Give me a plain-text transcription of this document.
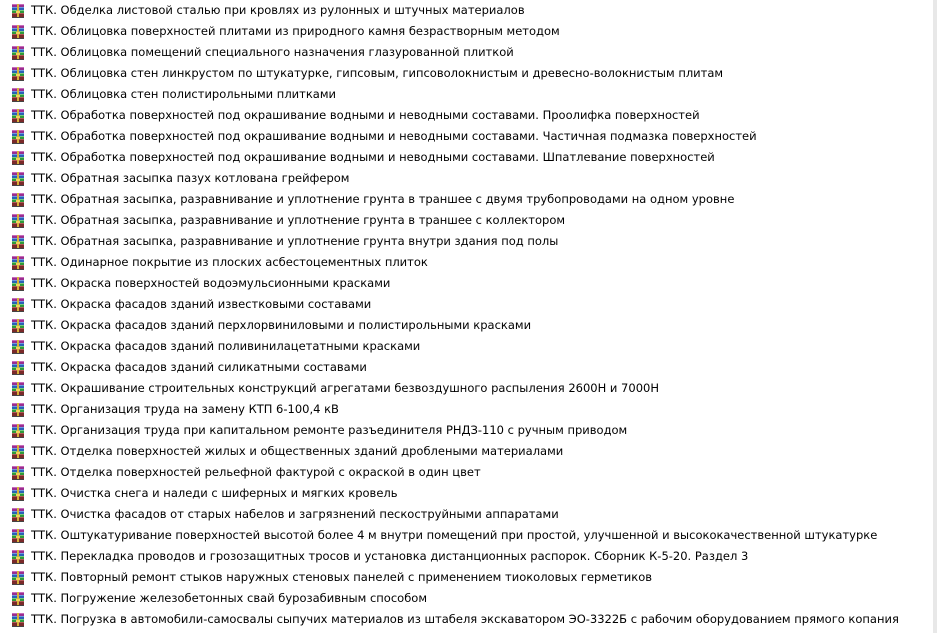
ТТК. Обделка листовой сталью при кровлях из рулонных и штучных материалов
ТТК. Облицовка поверхностей плитами из природного камня безрастворным методом
ТТК. Облицовка помещений специального назначения глазурованной плиткой
ТТК. Облицовка стен линкрустом по штукатурке, гипсовым, гипсоволокнистым и древесно-волокнистым плитам
ТТК. Облицовка стен полистирольными плитками
ТТК. Обработка поверхностей под окрашивание водными и неводными составами. Проолифка поверхностей
ТТК. Обработка поверхностей под окрашивание водными и неводными составами. Частичная подмазка поверхностей
ТТК. Обработка поверхностей под окрашивание водными и неводными составами. Шпатлевание поверхностей
ТТК. Обратная засыпка пазух котлована грейфером
ТТК. Обратная засыпка, разравнивание и уплотнение грунта в траншее с двумя трубопроводами на одном уровне
ТТК. Обратная засыпка, разравнивание и уплотнение грунта в траншее с коллектором
ТТК. Обратная засыпка, разравнивание и уплотнение грунта внутри здания под полы
ТТК. Одинарное покрытие из плоских асбестоцементных плиток
ТТК. Окраска поверхностей водоэмульсионными красками
ТТК. Окраска фасадов зданий известковыми составами
ТТК. Окраска фасадов зданий перхлорвиниловыми и полистирольными красками
ТТК. Окраска фасадов зданий поливинилацетатными красками
ТТК. Окраска фасадов зданий силикатными составами
ТТК. Окрашивание строительных конструкций агрегатами безвоздушного распыления 2600Н и 7000Н
ТТК. Организация труда на замену КТП 6-100,4 кВ
ТТК. Организация труда при капитальном ремонте разъединителя РНДЗ-110 с ручным приводом
ТТК. Отделка поверхностей жилых и общественных зданий дроблеными материалами
ТТК. Отделка поверхностей рельефной фактурой с окраской в один цвет
ТТК. Очистка снега и наледи с шиферных и мягких кровель
ТТК. Очистка фасадов от старых набелов и загрязнений пескоструйными аппаратами
ТТК. Оштукатуривание поверхностей высотой более 4 м внутри помещений при простой, улучшенной и высококачественной штукатурке
ТТК. Перекладка проводов и грозозащитных тросов и установка дистанционных распорок. Сборник К-5-20. Раздел 3
ТТК. Повторный ремонт стыков наружных стеновых панелей с применением тиоколовых герметиков
ТТК. Погружение железобетонных свай бурозабивным способом
ТТК. Погрузка в автомобили-самосвалы сыпучих материалов из штабеля экскаватором ЭО-3322Б с рабочим оборудованием прямого копания
